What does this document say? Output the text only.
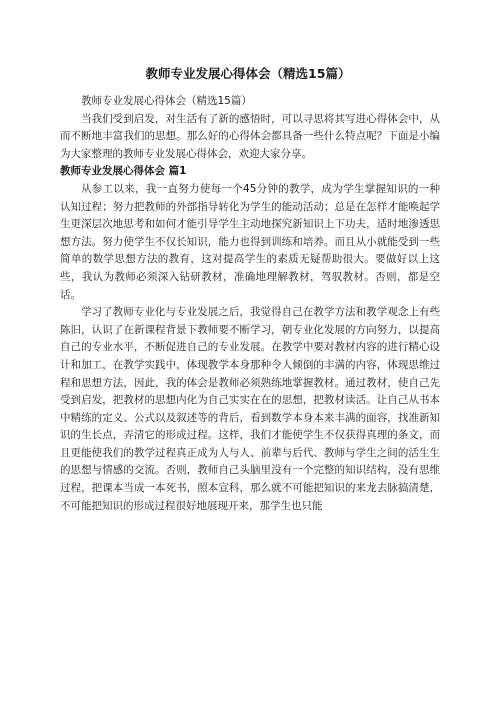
教师专业发展心得体会（精选15篇）

教师专业发展心得体会（精选15篇）

当我们受到启发，对生活有了新的感悟时，可以寻思将其写进心得体会中，从而不断地丰富我们的思想。那么好的心得体会都具备一些什么特点呢？下面是小编为大家整理的教师专业发展心得体会，欢迎大家分享。

教师专业发展心得体会 篇1

从参工以来，我一直努力使每一个45分钟的教学，成为学生掌握知识的一种认知过程；努力把教师的外部指导转化为学生的能动活动；总是在怎样才能唤起学生更深层次地思考和如何才能引导学生主动地探究新知识上下功夫，适时地渗透思想方法。努力使学生不仅长知识，能力也得到训练和培养。而且从小就能受到一些简单的数学思想方法的教育，这对提高学生的素质无疑帮助很大。要做好以上这些，我认为教师必须深入钻研教材，准确地理解教材，驾驭教材。否则，都是空话。

学习了教师专业化与专业发展之后，我觉得自己在教学方法和教学观念上有些陈旧，认识了在新课程背景下教师要不断学习，朝专业化发展的方向努力，以提高自己的专业水平，不断促进自己的专业发展。在教学中要对教材内容的进行精心设计和加工，在教学实践中，体现教学本身那种令人倾倒的丰满的内容，体现思维过程和思想方法，因此，我的体会是教师必须熟练地掌握教材。通过教材，使自己先受到启发，把教材的思想内化为自己实实在在的思想，把教材读活。让自己从书本中精练的定义、公式以及叙述等的背后，看到数学本身本来丰满的面容，找准新知识的生长点，弄清它的形成过程。这样，我们才能使学生不仅获得真理的条文，而且更能使我们的教学过程真正成为人与人、前辈与后代、教师与学生之间的活生生的思想与情感的交流。否则，教师自己头脑里没有一个完整的知识结构，没有思维过程，把课本当成一本死书，照本宣科，那么就不可能把知识的来龙去脉搞清楚，不可能把知识的形成过程很好地展现开来，那学生也只能
